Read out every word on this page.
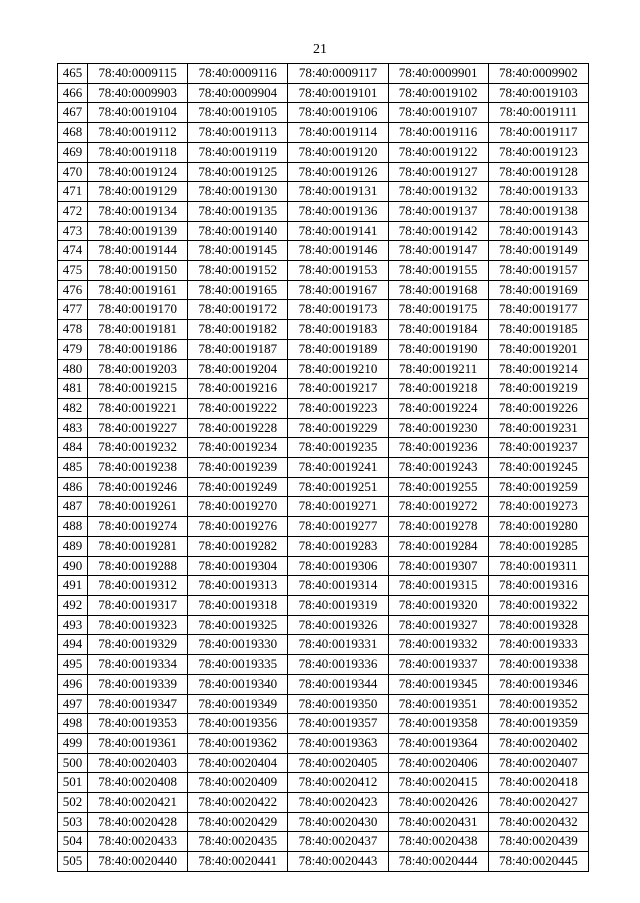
21
465	78:40:0009115	78:40:0009116	78:40:0009117	78:40:0009901	78:40:0009902
466	78:40:0009903	78:40:0009904	78:40:0019101	78:40:0019102	78:40:0019103
467	78:40:0019104	78:40:0019105	78:40:0019106	78:40:0019107	78:40:0019111
468	78:40:0019112	78:40:0019113	78:40:0019114	78:40:0019116	78:40:0019117
469	78:40:0019118	78:40:0019119	78:40:0019120	78:40:0019122	78:40:0019123
470	78:40:0019124	78:40:0019125	78:40:0019126	78:40:0019127	78:40:0019128
471	78:40:0019129	78:40:0019130	78:40:0019131	78:40:0019132	78:40:0019133
472	78:40:0019134	78:40:0019135	78:40:0019136	78:40:0019137	78:40:0019138
473	78:40:0019139	78:40:0019140	78:40:0019141	78:40:0019142	78:40:0019143
474	78:40:0019144	78:40:0019145	78:40:0019146	78:40:0019147	78:40:0019149
475	78:40:0019150	78:40:0019152	78:40:0019153	78:40:0019155	78:40:0019157
476	78:40:0019161	78:40:0019165	78:40:0019167	78:40:0019168	78:40:0019169
477	78:40:0019170	78:40:0019172	78:40:0019173	78:40:0019175	78:40:0019177
478	78:40:0019181	78:40:0019182	78:40:0019183	78:40:0019184	78:40:0019185
479	78:40:0019186	78:40:0019187	78:40:0019189	78:40:0019190	78:40:0019201
480	78:40:0019203	78:40:0019204	78:40:0019210	78:40:0019211	78:40:0019214
481	78:40:0019215	78:40:0019216	78:40:0019217	78:40:0019218	78:40:0019219
482	78:40:0019221	78:40:0019222	78:40:0019223	78:40:0019224	78:40:0019226
483	78:40:0019227	78:40:0019228	78:40:0019229	78:40:0019230	78:40:0019231
484	78:40:0019232	78:40:0019234	78:40:0019235	78:40:0019236	78:40:0019237
485	78:40:0019238	78:40:0019239	78:40:0019241	78:40:0019243	78:40:0019245
486	78:40:0019246	78:40:0019249	78:40:0019251	78:40:0019255	78:40:0019259
487	78:40:0019261	78:40:0019270	78:40:0019271	78:40:0019272	78:40:0019273
488	78:40:0019274	78:40:0019276	78:40:0019277	78:40:0019278	78:40:0019280
489	78:40:0019281	78:40:0019282	78:40:0019283	78:40:0019284	78:40:0019285
490	78:40:0019288	78:40:0019304	78:40:0019306	78:40:0019307	78:40:0019311
491	78:40:0019312	78:40:0019313	78:40:0019314	78:40:0019315	78:40:0019316
492	78:40:0019317	78:40:0019318	78:40:0019319	78:40:0019320	78:40:0019322
493	78:40:0019323	78:40:0019325	78:40:0019326	78:40:0019327	78:40:0019328
494	78:40:0019329	78:40:0019330	78:40:0019331	78:40:0019332	78:40:0019333
495	78:40:0019334	78:40:0019335	78:40:0019336	78:40:0019337	78:40:0019338
496	78:40:0019339	78:40:0019340	78:40:0019344	78:40:0019345	78:40:0019346
497	78:40:0019347	78:40:0019349	78:40:0019350	78:40:0019351	78:40:0019352
498	78:40:0019353	78:40:0019356	78:40:0019357	78:40:0019358	78:40:0019359
499	78:40:0019361	78:40:0019362	78:40:0019363	78:40:0019364	78:40:0020402
500	78:40:0020403	78:40:0020404	78:40:0020405	78:40:0020406	78:40:0020407
501	78:40:0020408	78:40:0020409	78:40:0020412	78:40:0020415	78:40:0020418
502	78:40:0020421	78:40:0020422	78:40:0020423	78:40:0020426	78:40:0020427
503	78:40:0020428	78:40:0020429	78:40:0020430	78:40:0020431	78:40:0020432
504	78:40:0020433	78:40:0020435	78:40:0020437	78:40:0020438	78:40:0020439
505	78:40:0020440	78:40:0020441	78:40:0020443	78:40:0020444	78:40:0020445
